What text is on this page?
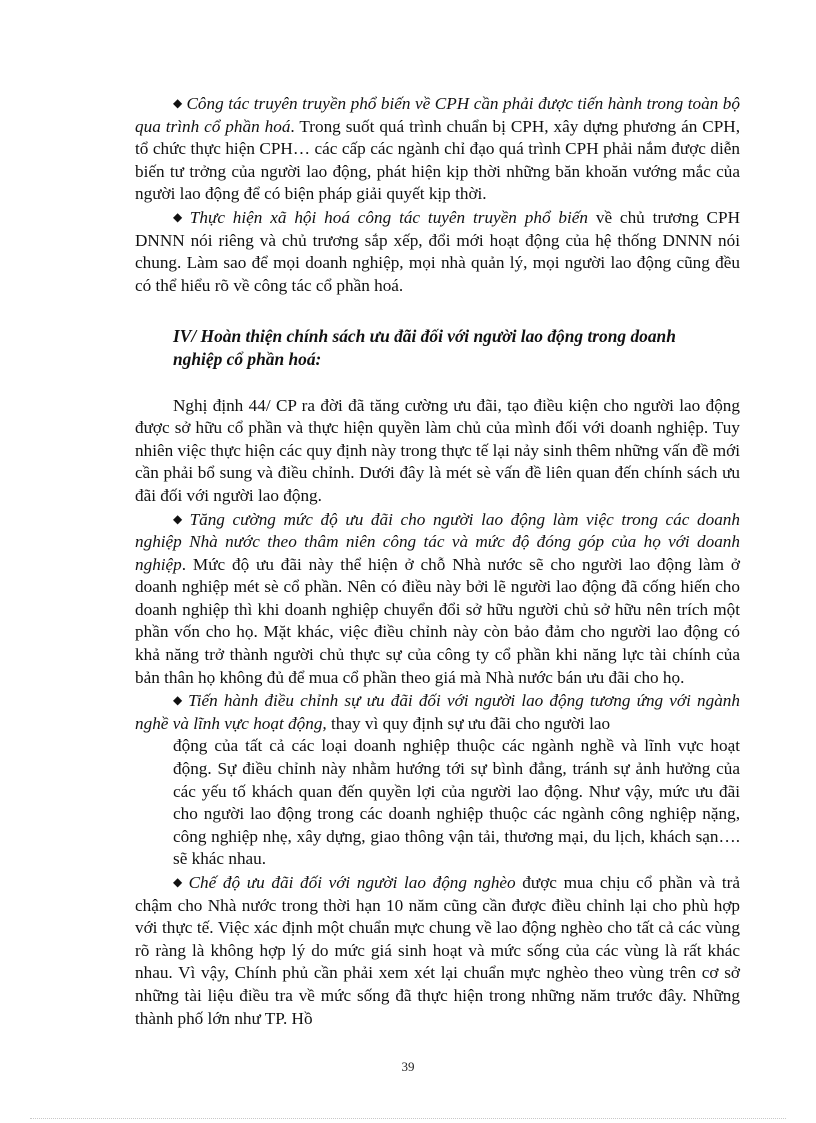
◆ Công tác truyên truyền phổ biến về CPH cần phải được tiến hành trong toàn bộ qua trình cổ phần hoá. Trong suốt quá trình chuẩn bị CPH, xây dựng phương án CPH, tổ chức thực hiện CPH… các cấp các ngành chỉ đạo quá trình CPH phải nắm được diễn biến tư trởng của người lao động, phát hiện kịp thời những băn khoăn vướng mắc của người lao động để có biện pháp giải quyết kịp thời.

◆ Thực hiện xã hội hoá công tác tuyên truyền phổ biến về chủ trương CPH DNNN nói riêng và chủ trương sắp xếp, đổi mới hoạt động của hệ thống DNNN nói chung. Làm sao để mọi doanh nghiệp, mọi nhà quản lý, mọi người lao động cũng đều có thể hiểu rõ về công tác cổ phần hoá.

IV/ Hoàn thiện chính sách ưu đãi đối với người lao động trong doanh
nghiệp cổ phần hoá:

Nghị định 44/ CP ra đời đã tăng cường ưu đãi, tạo điều kiện cho người lao động được sở hữu cổ phần và thực hiện quyền làm chủ của mình đối với doanh nghiệp. Tuy nhiên việc thực hiện các quy định này trong thực tế lại nảy sinh thêm những vấn đề mới cần phải bổ sung và điều chỉnh. Dưới đây là mét sè vấn đề liên quan đến chính sách ưu đãi đối với người lao động.

◆ Tăng cường mức độ ưu đãi cho người lao động làm việc trong các doanh nghiệp Nhà nước theo thâm niên công tác và mức độ đóng góp của họ với doanh nghiệp. Mức độ ưu đãi này thể hiện ở chỗ Nhà nước sẽ cho người lao động làm ở doanh nghiệp mét sè cổ phần. Nên có điều này bởi lẽ người lao động đã cống hiến cho doanh nghiệp thì khi doanh nghiệp chuyển đổi sở hữu người chủ sở hữu nên trích một phần vốn cho họ. Mặt khác, việc điều chỉnh này còn bảo đảm cho người lao động có khả năng trở thành người chủ thực sự của công ty cổ phần khi năng lực tài chính của bản thân họ không đủ để mua cổ phần theo giá mà Nhà nước bán ưu đãi cho họ.

◆ Tiến hành điều chỉnh sự ưu đãi đối với người lao động tương ứng với ngành nghề và lĩnh vực hoạt động, thay vì quy định sự ưu đãi cho người lao

động của tất cả các loại doanh nghiệp thuộc các ngành nghề và lĩnh vực hoạt động. Sự điều chỉnh này nhằm hướng tới sự bình đẳng, tránh sự ảnh hưởng của các yếu tố khách quan đến quyền lợi của người lao động. Như vậy, mức ưu đãi cho người lao động trong các doanh nghiệp thuộc các ngành công nghiệp nặng, công nghiệp nhẹ, xây dựng, giao thông vận tải, thương mại, du lịch, khách sạn…. sẽ khác nhau.

◆ Chế độ ưu đãi đối với người lao động nghèo được mua chịu cổ phần và trả chậm cho Nhà nước trong thời hạn 10 năm cũng cần được điều chỉnh lại cho phù hợp với thực tế. Việc xác định một chuẩn mực chung về lao động nghèo cho tất cả các vùng rõ ràng là không hợp lý do mức giá sinh hoạt và mức sống của các vùng là rất khác nhau. Vì vậy, Chính phủ cần phải xem xét lại chuẩn mực nghèo theo vùng trên cơ sở những tài liệu điều tra về mức sống đã thực hiện trong những năm trước đây. Những thành phố lớn như TP. Hồ

39
